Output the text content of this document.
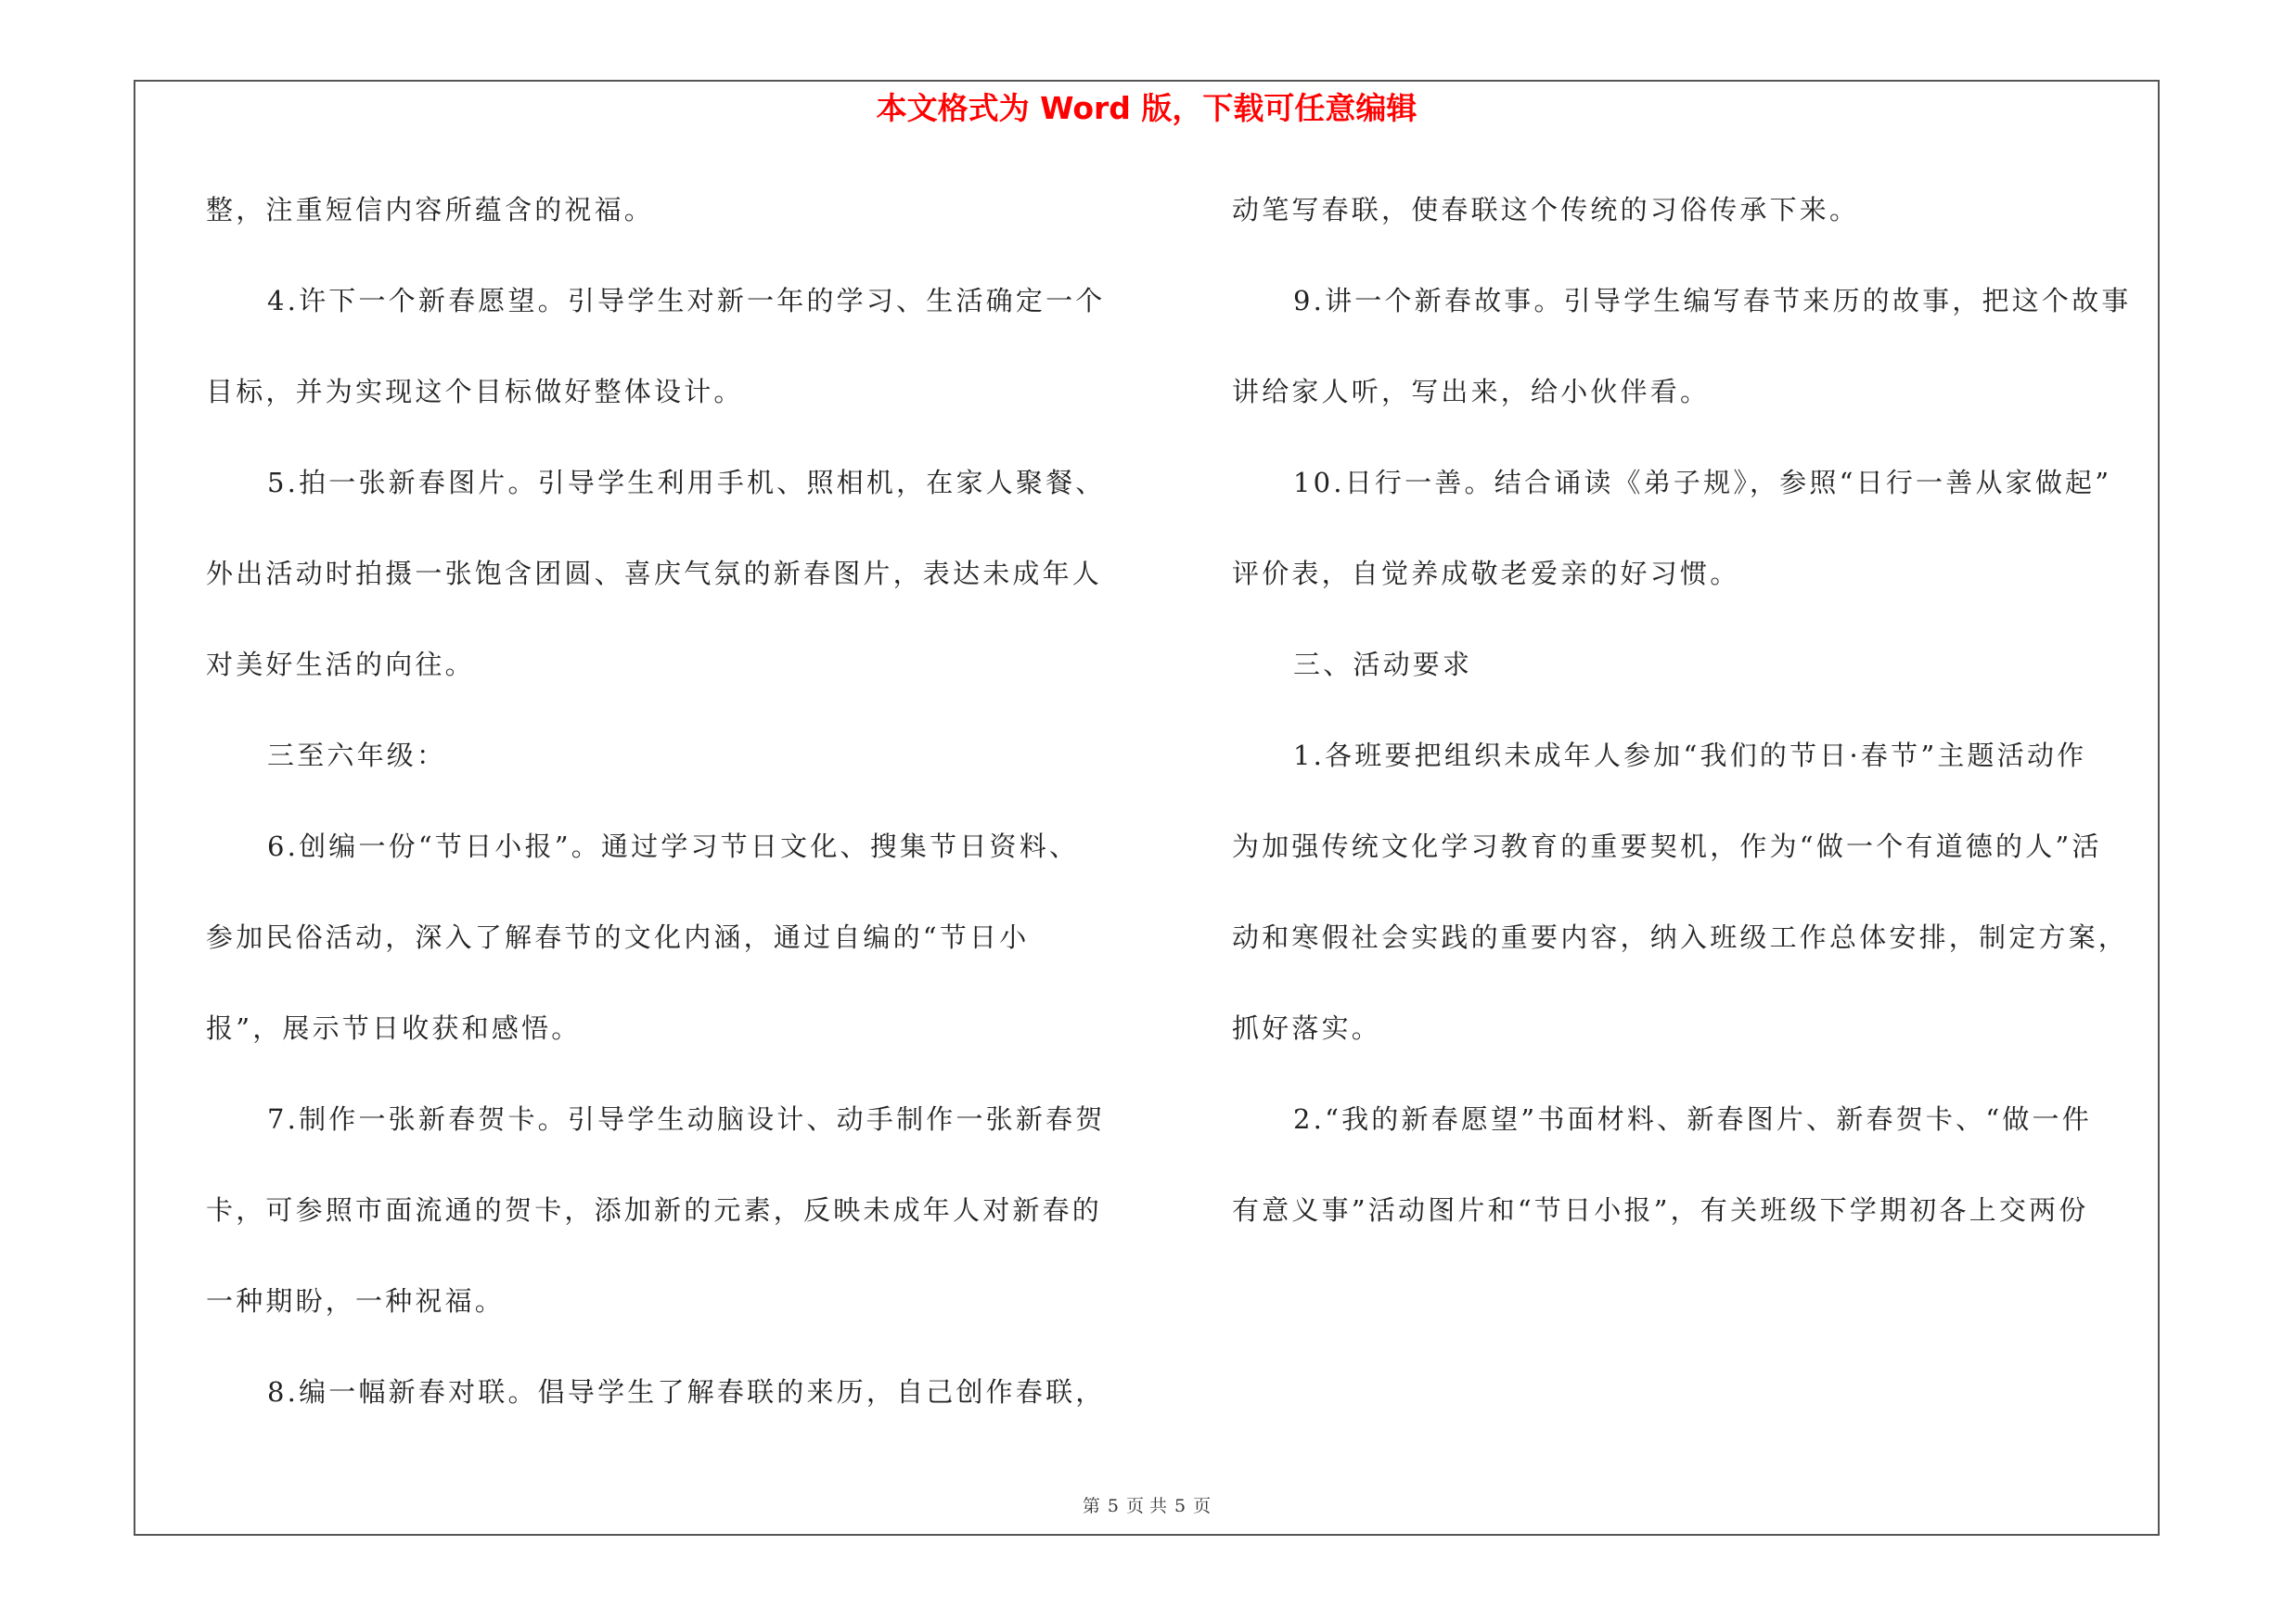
本文格式为 Word 版，下载可任意编辑
整，注重短信内容所蕴含的祝福。
4.许下一个新春愿望。引导学生对新一年的学习、生活确定一个
目标，并为实现这个目标做好整体设计。
5.拍一张新春图片。引导学生利用手机、照相机，在家人聚餐、
外出活动时拍摄一张饱含团圆、喜庆气氛的新春图片，表达未成年人
对美好生活的向往。
三至六年级：
6.创编一份“节日小报”。通过学习节日文化、搜集节日资料、
参加民俗活动，深入了解春节的文化内涵，通过自编的“节日小
报”，展示节日收获和感悟。
7.制作一张新春贺卡。引导学生动脑设计、动手制作一张新春贺
卡，可参照市面流通的贺卡，添加新的元素，反映未成年人对新春的
一种期盼，一种祝福。
8.编一幅新春对联。倡导学生了解春联的来历，自己创作春联，
动笔写春联，使春联这个传统的习俗传承下来。
9.讲一个新春故事。引导学生编写春节来历的故事，把这个故事
讲给家人听，写出来，给小伙伴看。
10.日行一善。结合诵读《弟子规》，参照“日行一善从家做起”
评价表，自觉养成敬老爱亲的好习惯。
三、活动要求
1.各班要把组织未成年人参加“我们的节日·春节”主题活动作
为加强传统文化学习教育的重要契机，作为“做一个有道德的人”活
动和寒假社会实践的重要内容，纳入班级工作总体安排，制定方案，
抓好落实。
2.“我的新春愿望”书面材料、新春图片、新春贺卡、“做一件
有意义事”活动图片和“节日小报”，有关班级下学期初各上交两份
第 5 页 共 5 页
